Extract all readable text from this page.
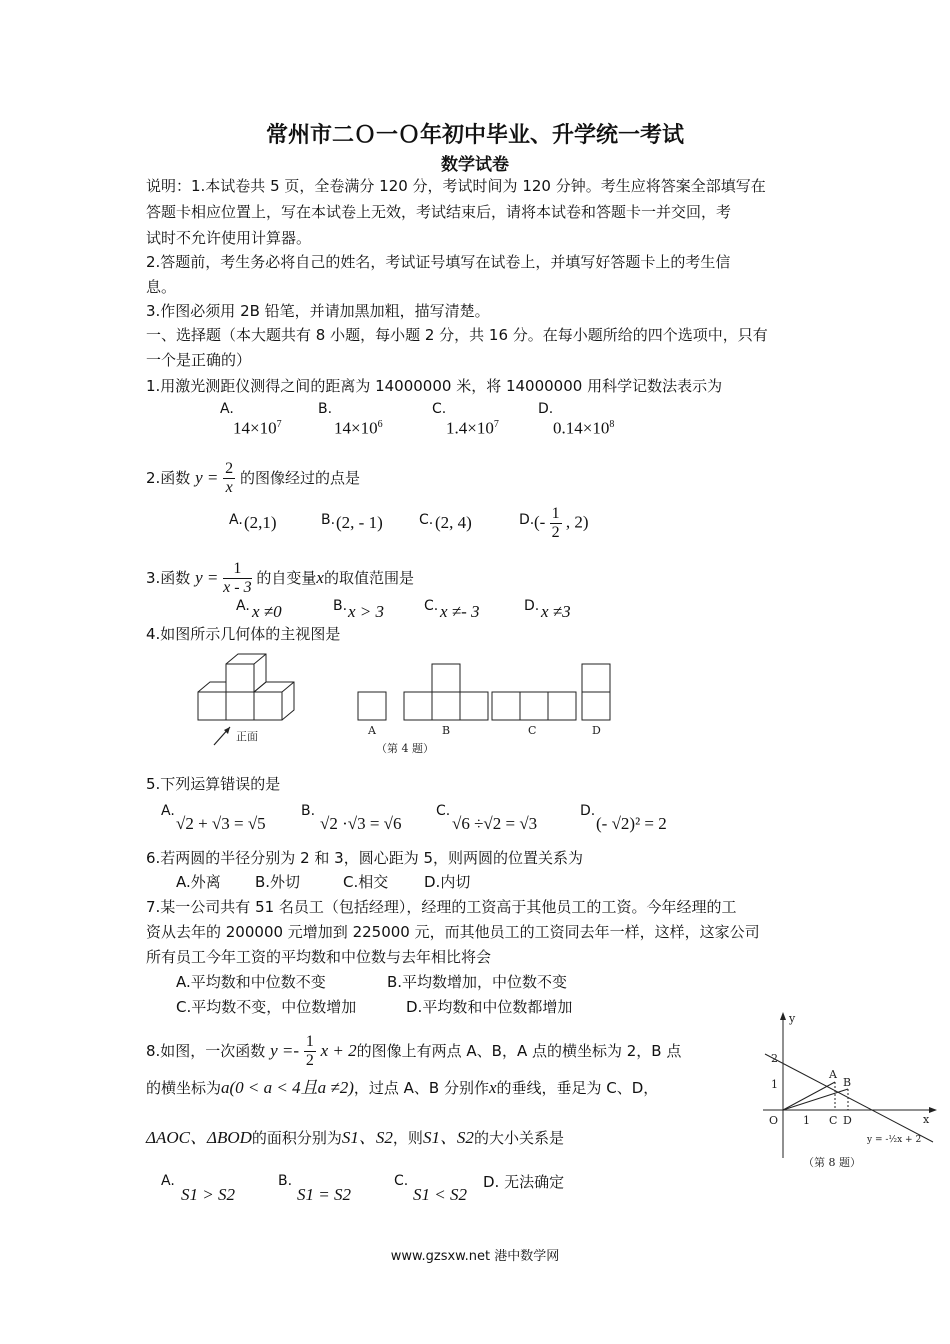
常州市二Ｏ一Ｏ年初中毕业、升学统一考试
数学试卷
说明：1.本试卷共 5 页，全卷满分 120 分，考试时间为 120 分钟。考生应将答案全部填写在
答题卡相应位置上，写在本试卷上无效，考试结束后，请将本试卷和答题卡一并交回，考
试时不允许使用计算器。
2.答题前，考生务必将自己的姓名，考试证号填写在试卷上，并填写好答题卡上的考生信
息。
3.作图必须用 2B 铅笔，并请加黑加粗，描写清楚。
一、选择题（本大题共有 8 小题，每小题 2 分，共 16 分。在每小题所给的四个选项中，只有
一个是正确的）
1.用激光测距仪测得之间的距离为 14000000 米，将 14000000 用科学记数法表示为
A.	B.	C.	D.
$14\times 10^7$	$14\times 10^6$	$1.4\times 10^7$	$0.14\times 10^8$
2.函数 $y = \frac{2}{x}$ 的图像经过的点是
A.	B.	C.	D.
(2,1)	(2, - 1)	(2, 4)	(- $\frac{1}{2}$ , 2)
3.函数 $y = \frac{1}{x - 3}$ 的自变量x的取值范围是
A.	B.	C.	D.
x ≠0	x > 3	x ≠- 3	x ≠3
4.如图所示几何体的主视图是
正面	A	B	C	D
（第 4 题）
5.下列运算错误的是
A.	B.	C.	D.
√2 + √3 = √5	√2 ·√3 = √6	√6 ÷√2 = √3	(- √2)² = 2
6.若两圆的半径分别为 2 和 3，圆心距为 5，则两圆的位置关系为
A.外离 B.外切	C.相交 D.内切
7.某一公司共有 51 名员工（包括经理），经理的工资高于其他员工的工资。今年经理的工
资从去年的 200000 元增加到 225000 元，而其他员工的工资同去年一样，这样，这家公司
所有员工今年工资的平均数和中位数与去年相比将会
A.平均数和中位数不变	B.平均数增加，中位数不变
C.平均数不变，中位数增加	D.平均数和中位数都增加
8.如图，一次函数 $y =- \frac{1}{2}$ x + 2的图像上有两点 A、B，A 点的横坐标为 2，B 点
的横坐标为a(0 < a < 4且a ≠2)，过点 A、B 分别作x的垂线，垂足为 C、D，
ΔAOC、ΔBOD的面积分别为S1、S2，则S1、S2的大小关系是
A.	B.	C.	D. 无法确定
S1 > S2	S1 = S2	S1 < S2
y
x
O 1
1
2
A
B
C D
y = -½x + 2
（第 8 题）
www.gzsxw.net 港中数学网
